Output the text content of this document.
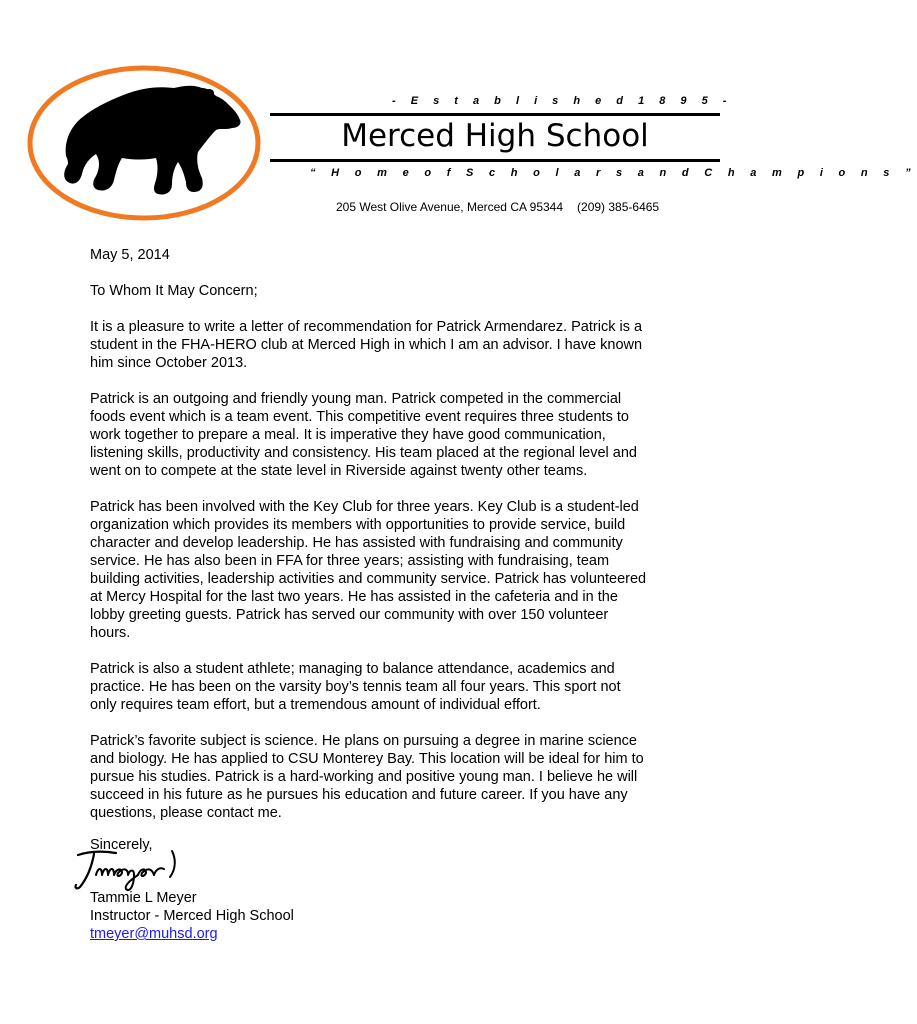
- E s t a b l i s h e d 1 8 9 5 -
Merced High School
“ H o m e o f S c h o l a r s a n d C h a m p i o n s ”
205 West Olive Avenue, Merced CA 95344 (209) 385-6465

May 5, 2014

To Whom It May Concern;

It is a pleasure to write a letter of recommendation for Patrick Armendarez. Patrick is a
student in the FHA-HERO club at Merced High in which I am an advisor. I have known
him since October 2013.

Patrick is an outgoing and friendly young man. Patrick competed in the commercial
foods event which is a team event. This competitive event requires three students to
work together to prepare a meal. It is imperative they have good communication,
listening skills, productivity and consistency. His team placed at the regional level and
went on to compete at the state level in Riverside against twenty other teams.

Patrick has been involved with the Key Club for three years. Key Club is a student-led
organization which provides its members with opportunities to provide service, build
character and develop leadership. He has assisted with fundraising and community
service. He has also been in FFA for three years; assisting with fundraising, team
building activities, leadership activities and community service. Patrick has volunteered
at Mercy Hospital for the last two years. He has assisted in the cafeteria and in the
lobby greeting guests. Patrick has served our community with over 150 volunteer
hours.

Patrick is also a student athlete; managing to balance attendance, academics and
practice. He has been on the varsity boy’s tennis team all four years. This sport not
only requires team effort, but a tremendous amount of individual effort.

Patrick’s favorite subject is science. He plans on pursuing a degree in marine science
and biology. He has applied to CSU Monterey Bay. This location will be ideal for him to
pursue his studies. Patrick is a hard-working and positive young man. I believe he will
succeed in his future as he pursues his education and future career. If you have any
questions, please contact me.

Sincerely,
Tammie L Meyer
Instructor - Merced High School
tmeyer@muhsd.org
